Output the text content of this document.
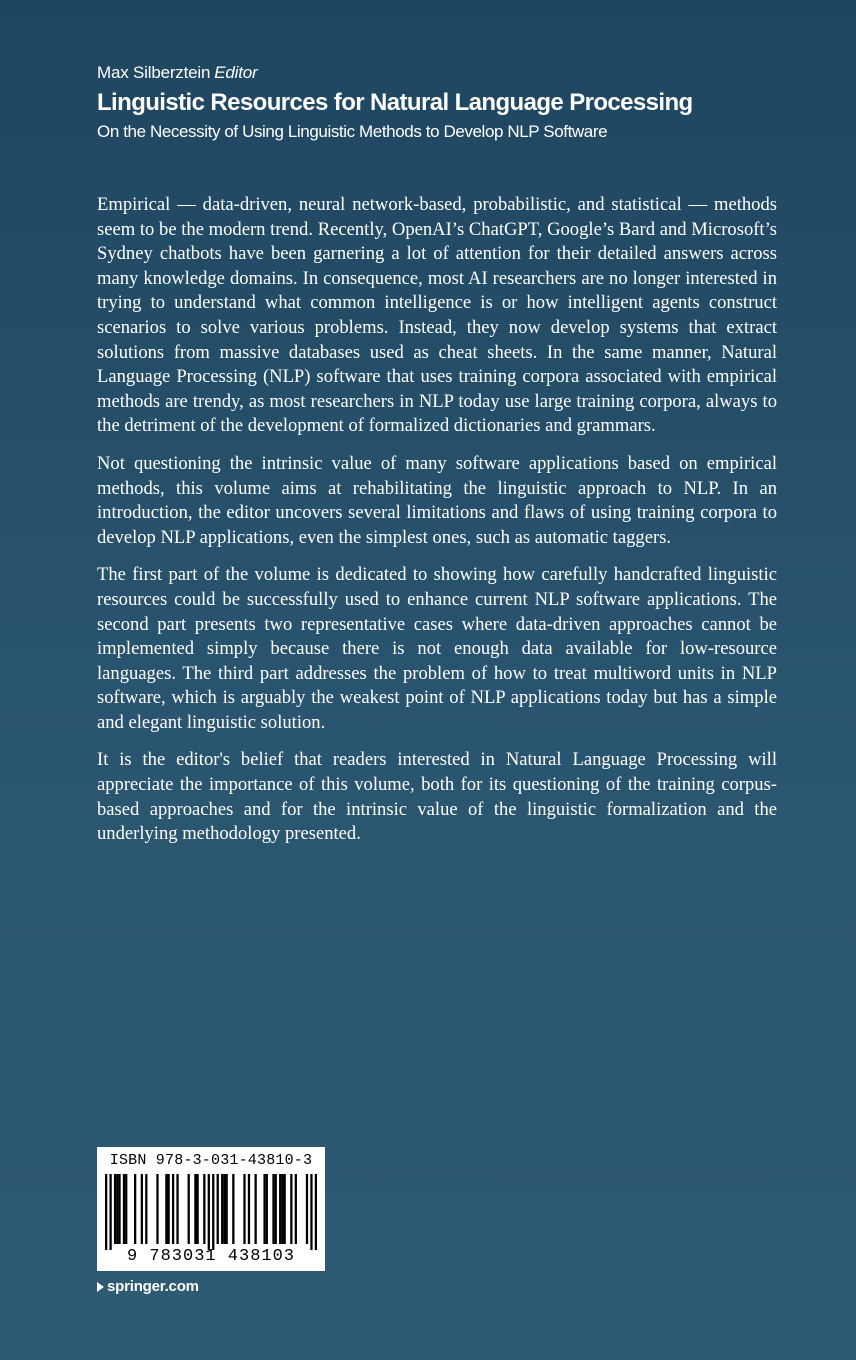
Max Silberztein Editor
Linguistic Resources for Natural Language Processing
On the Necessity of Using Linguistic Methods to Develop NLP Software

Empirical — data-driven, neural network-based, probabilistic, and statistical — methods seem to be the modern trend. Recently, OpenAI’s ChatGPT, Google’s Bard and Microsoft’s Sydney chatbots have been garnering a lot of attention for their detailed answers across many knowledge domains. In consequence, most AI researchers are no longer interested in trying to understand what common intelligence is or how intelligent agents construct scenarios to solve various problems. Instead, they now develop systems that extract solutions from massive databases used as cheat sheets. In the same manner, Natural Language Processing (NLP) software that uses training corpora associated with empirical methods are trendy, as most researchers in NLP today use large training corpora, always to the detriment of the development of formalized dictionaries and grammars.

Not questioning the intrinsic value of many software applications based on empirical methods, this volume aims at rehabilitating the linguistic approach to NLP. In an introduction, the editor uncovers several limitations and flaws of using training corpora to develop NLP applications, even the simplest ones, such as automatic taggers.

The first part of the volume is dedicated to showing how carefully handcrafted linguistic resources could be successfully used to enhance current NLP software applications. The second part presents two representative cases where data-driven approaches cannot be implemented simply because there is not enough data available for low-resource languages. The third part addresses the problem of how to treat multiword units in NLP software, which is arguably the weakest point of NLP applications today but has a simple and elegant linguistic solution.

It is the editor's belief that readers interested in Natural Language Processing will appreciate the importance of this volume, both for its questioning of the training corpus-based approaches and for the intrinsic value of the linguistic formalization and the underlying methodology presented.

ISBN 978-3-031-43810-3
9 783031 438103
springer.com
